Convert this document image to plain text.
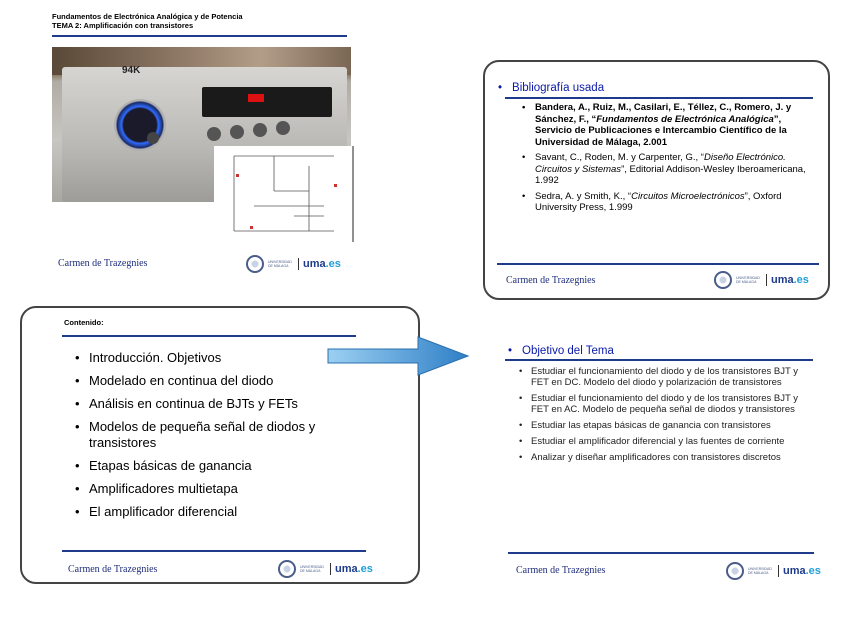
Fundamentos de Electrónica Analógica y de Potencia
TEMA 2: Amplificación con transistores
94K
Carmen de Trazegnies	UNIVERSIDAD DE MÁLAGA	uma.es
• Bibliografía usada
• Bandera, A., Ruiz, M., Casilari, E., Téllez, C., Romero, J. y Sánchez, F., “Fundamentos de Electrónica Analógica”, Servicio de Publicaciones e Intercambio Científico de la Universidad de Málaga, 2.001
• Savant, C., Roden, M. y Carpenter, G., “Diseño Electrónico. Circuitos y Sistemas”, Editorial Addison-Wesley Iberoamericana, 1.992
• Sedra, A. y Smith, K., “Circuitos Microelectrónicos”, Oxford University Press, 1.999
Carmen de Trazegnies	UNIVERSIDAD DE MÁLAGA	uma.es
Contenido:
• Introducción. Objetivos
• Modelado en continua del diodo
• Análisis en continua de BJTs y FETs
• Modelos de pequeña señal de diodos y transistores
• Etapas básicas de ganancia
• Amplificadores multietapa
• El amplificador diferencial
Carmen de Trazegnies	UNIVERSIDAD DE MÁLAGA	uma.es
• Objetivo del Tema
• Estudiar el funcionamiento del diodo y de los transistores BJT y FET en DC. Modelo del diodo y polarización de transistores
• Estudiar el funcionamiento del diodo y de los transistores BJT y FET en AC. Modelo de pequeña señal de diodos y transistores
• Estudiar las etapas básicas de ganancia con transistores
• Estudiar el amplificador diferencial y las fuentes de corriente
• Analizar y diseñar amplificadores con transistores discretos
Carmen de Trazegnies	UNIVERSIDAD DE MÁLAGA	uma.es
